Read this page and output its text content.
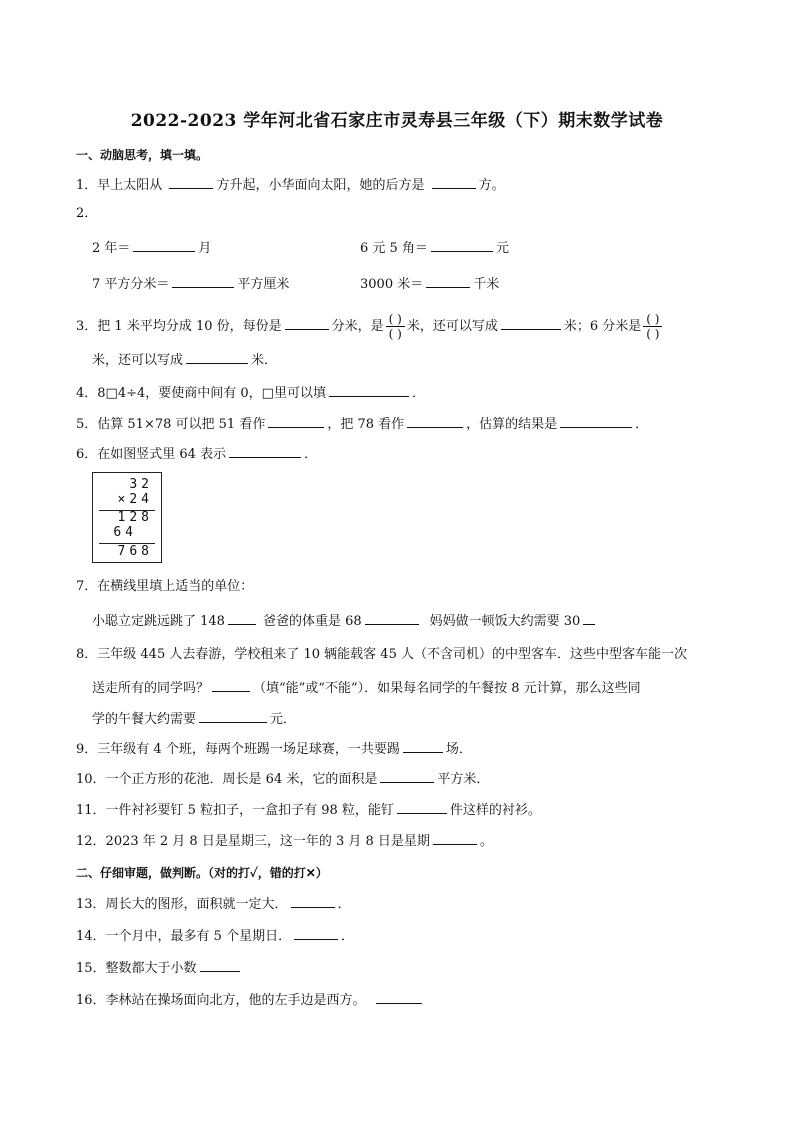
2022-2023 学年河北省石家庄市灵寿县三年级（下）期末数学试卷
一、动脑思考，填一填。
1．早上太阳从	方升起，小华面向太阳，她的后方是	方。
2．
2 年＝	月	6 元 5 角＝	元
7 平方分米＝	平方厘米	3000 米＝	千米
3．把 1 米平均分成 10 份，每份是	分米，是 $\frac{( )}{( )}$ 米，还可以写成	米；6 分米是 $\frac{( )}{( )}$
米，还可以写成	米．
4．8□4÷4，要使商中间有 0，□里可以填	．
5．估算 51×78 可以把 51 看作	，把 78 看作	，估算的结果是	．
6．在如图竖式里 64 表示	．
32
×24
128
64
768
7．在横线里填上适当的单位：
小聪立定跳远跳了 148	爸爸的体重是 68	妈妈做一顿饭大约需要 30
8．三年级 445 人去春游，学校租来了 10 辆能载客 45 人（不含司机）的中型客车．这些中型客车能一次
送走所有的同学吗？	（填“能”或“不能”）．如果每名同学的午餐按 8 元计算，那么这些同
学的午餐大约需要	元．
9．三年级有 4 个班，每两个班踢一场足球赛，一共要踢	场．
10．一个正方形的花池．周长是 64 米，它的面积是	平方米．
11．一件衬衫要钉 5 粒扣子，一盒扣子有 98 粒，能钉	件这样的衬衫。
12．2023 年 2 月 8 日是星期三，这一年的 3 月 8 日是星期	。
二、仔细审题，做判断。（对的打✓，错的打✕）
13．周长大的图形，面积就一定大．	．
14．一个月中，最多有 5 个星期日．	．
15．整数都大于小数
16．李林站在操场面向北方，他的左手边是西方。
